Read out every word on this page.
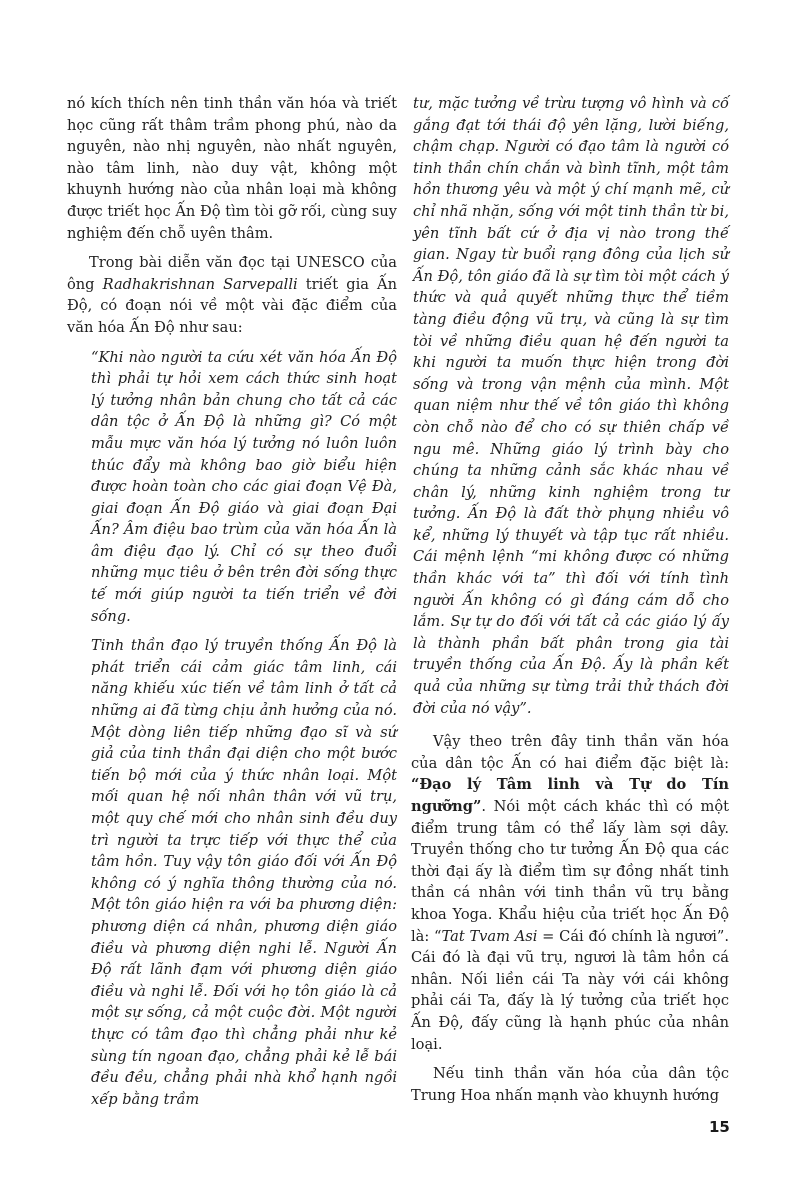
nó kích thích nên tinh thần văn hóa và triết học cũng rất thâm trầm phong phú, nào da nguyên, nào nhị nguyên, nào nhất nguyên, nào tâm linh, nào duy vật, không một khuynh hướng nào của nhân loại mà không được triết học Ấn Độ tìm tòi gỡ rối, cùng suy nghiệm đến chỗ uyên thâm.

Trong bài diễn văn đọc tại UNESCO của ông Radhakrishnan Sarvepalli triết gia Ấn Độ, có đoạn nói về một vài đặc điểm của văn hóa Ấn Độ như sau:

“Khi nào người ta cứu xét văn hóa Ấn Độ thì phải tự hỏi xem cách thức sinh hoạt lý tưởng nhân bản chung cho tất cả các dân tộc ở Ấn Độ là những gì? Có một mẫu mực văn hóa lý tưởng nó luôn luôn thúc đẩy mà không bao giờ biểu hiện được hoàn toàn cho các giai đoạn Vệ Đà, giai đoạn Ấn Độ giáo và giai đoạn Đại Ấn? Âm điệu bao trùm của văn hóa Ấn là âm điệu đạo lý. Chỉ có sự theo đuổi những mục tiêu ở bên trên đời sống thực tế mới giúp người ta tiến triển về đời sống.

Tinh thần đạo lý truyền thống Ấn Độ là phát triển cái cảm giác tâm linh, cái năng khiếu xúc tiến về tâm linh ở tất cả những ai đã từng chịu ảnh hưởng của nó. Một dòng liên tiếp những đạo sĩ và sứ giả của tinh thần đại diện cho một bước tiến bộ mới của ý thức nhân loại. Một mối quan hệ nối nhân thân với vũ trụ, một quy chế mới cho nhân sinh đều duy trì người ta trực tiếp với thực thể của tâm hồn. Tuy vậy tôn giáo đối với Ấn Độ không có ý nghĩa thông thường của nó. Một tôn giáo hiện ra với ba phương diện: phương diện cá nhân, phương diện giáo điều và phương diện nghi lễ. Người Ấn Độ rất lãnh đạm với phương diện giáo điều và nghi lễ. Đối với họ tôn giáo là cả một sự sống, cả một cuộc đời. Một người thực có tâm đạo thì chẳng phải như kẻ sùng tín ngoan đạo, chẳng phải kẻ lễ bái đều đều, chẳng phải nhà khổ hạnh ngồi xếp bằng trầm

tư, mặc tưởng về trừu tượng vô hình và cố gắng đạt tới thái độ yên lặng, lười biếng, chậm chạp. Người có đạo tâm là người có tinh thần chín chắn và bình tĩnh, một tâm hồn thương yêu và một ý chí mạnh mẽ, cử chỉ nhã nhặn, sống với một tinh thần từ bi, yên tĩnh bất cứ ở địa vị nào trong thế gian. Ngay từ buổi rạng đông của lịch sử Ấn Độ, tôn giáo đã là sự tìm tòi một cách ý thức và quả quyết những thực thể tiềm tàng điều động vũ trụ, và cũng là sự tìm tòi về những điều quan hệ đến người ta khi người ta muốn thực hiện trong đời sống và trong vận mệnh của mình. Một quan niệm như thế về tôn giáo thì không còn chỗ nào để cho có sự thiên chấp về ngu mê. Những giáo lý trình bày cho chúng ta những cảnh sắc khác nhau về chân lý, những kinh nghiệm trong tư tưởng. Ấn Độ là đất thờ phụng nhiều vô kể, những lý thuyết và tập tục rất nhiều. Cái mệnh lệnh “mi không được có những thần khác với ta” thì đối với tính tình người Ấn không có gì đáng cám dỗ cho lắm. Sự tự do đối với tất cả các giáo lý ấy là thành phần bất phân trong gia tài truyền thống của Ấn Độ. Ấy là phần kết quả của những sự từng trải thử thách đời đời của nó vậy”.

Vậy theo trên đây tinh thần văn hóa của dân tộc Ấn có hai điểm đặc biệt là: “Đạo lý Tâm linh và Tự do Tín ngưỡng”. Nói một cách khác thì có một điểm trung tâm có thể lấy làm sợi dây. Truyền thống cho tư tưởng Ấn Độ qua các thời đại ấy là điểm tìm sự đồng nhất tinh thần cá nhân với tinh thần vũ trụ bằng khoa Yoga. Khẩu hiệu của triết học Ấn Độ là: “Tat Tvam Asi = Cái đó chính là ngươi”. Cái đó là đại vũ trụ, ngươi là tâm hồn cá nhân. Nối liền cái Ta này với cái không phải cái Ta, đấy là lý tưởng của triết học Ấn Độ, đấy cũng là hạnh phúc của nhân loại.

Nếu tinh thần văn hóa của dân tộc Trung Hoa nhấn mạnh vào khuynh hướng

15
